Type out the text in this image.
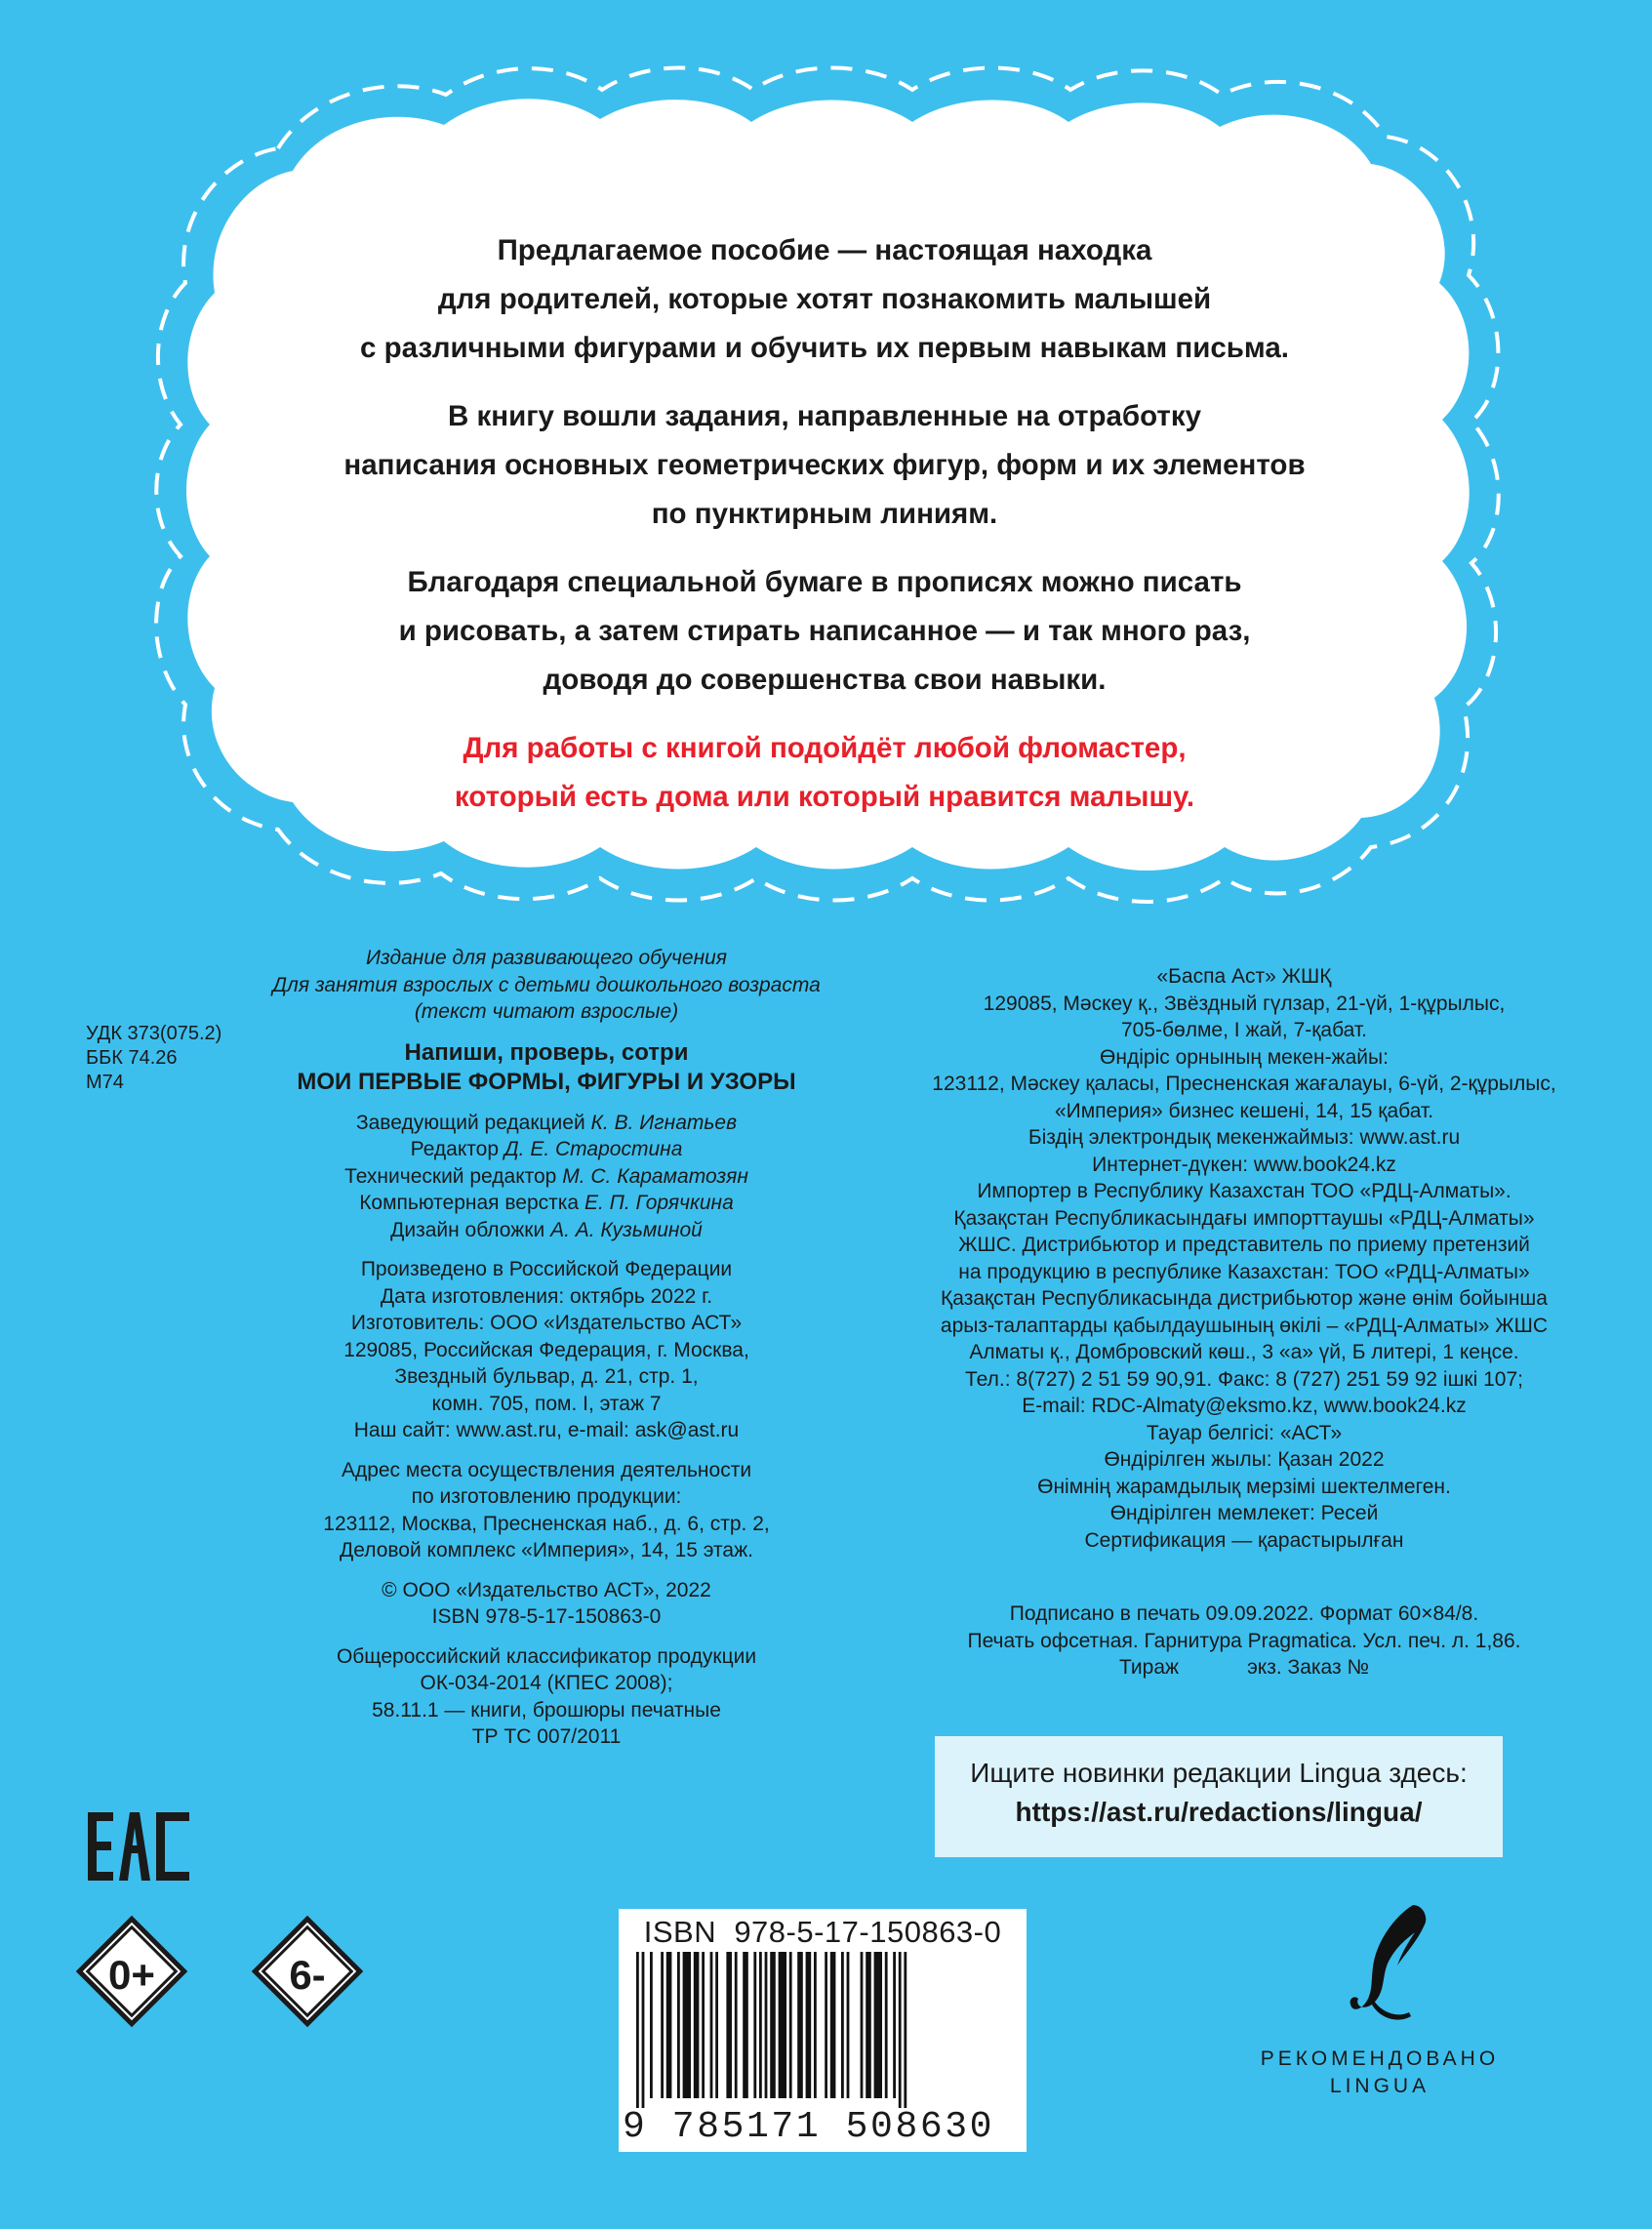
Предлагаемое пособие — настоящая находка
для родителей, которые хотят познакомить малышей
с различными фигурами и обучить их первым навыкам письма.

В книгу вошли задания, направленные на отработку
написания основных геометрических фигур, форм и их элементов
по пунктирным линиям.

Благодаря специальной бумаге в прописях можно писать
и рисовать, а затем стирать написанное — и так много раз,
доводя до совершенства свои навыки.

Для работы с книгой подойдёт любой фломастер,
который есть дома или который нравится малышу.

УДК 373(075.2)
ББК 74.26
М74
Издание для развивающего обучения
Для занятия взрослых с детьми дошкольного возраста
(текст читают взрослые)
Напиши, проверь, сотри
МОИ ПЕРВЫЕ ФОРМЫ, ФИГУРЫ И УЗОРЫ
Заведующий редакцией К. В. Игнатьев
Редактор Д. Е. Старостина
Технический редактор М. С. Караматозян
Компьютерная верстка Е. П. Горячкина
Дизайн обложки А. А. Кузьминой
Произведено в Российской Федерации
Дата изготовления: октябрь 2022 г.
Изготовитель: ООО «Издательство АСТ»
129085, Российская Федерация, г. Москва,
Звездный бульвар, д. 21, стр. 1,
комн. 705, пом. I, этаж 7
Наш сайт: www.ast.ru, e-mail: ask@ast.ru
Адрес места осуществления деятельности
по изготовлению продукции:
123112, Москва, Пресненская наб., д. 6, стр. 2,
Деловой комплекс «Империя», 14, 15 этаж.
© ООО «Издательство АСТ», 2022
ISBN 978-5-17-150863-0
Общероссийский классификатор продукции
ОК-034-2014 (КПЕС 2008);
58.11.1 — книги, брошюры печатные
ТР ТС 007/2011
«Баспа Аст» ЖШҚ
129085, Мәскеу қ., Звёздный гүлзар, 21-үй, 1-құрылыс,
705-бөлме, I жай, 7-қабат.
Өндіріс орнының мекен-жайы:
123112, Мәскеу қаласы, Пресненская жағалауы, 6-үй, 2-құрылыс,
«Империя» бизнес кешені, 14, 15 қабат.
Біздің электрондық мекенжаймыз: www.ast.ru
Интернет-дүкен: www.book24.kz
Импортер в Республику Казахстан ТОО «РДЦ-Алматы».
Қазақстан Республикасындағы импорттаушы «РДЦ-Алматы»
ЖШС. Дистрибьютор и представитель по приему претензий
на продукцию в республике Казахстан: ТОО «РДЦ-Алматы»
Қазақстан Республикасында дистрибьютор және өнім бойынша
арыз-талаптарды қабылдаушының өкілі – «РДЦ-Алматы» ЖШС
Алматы қ., Домбровский көш., 3 «а» үй, Б литері, 1 кеңсе.
Тел.: 8(727) 2 51 59 90,91. Факс: 8 (727) 251 59 92 ішкі 107;
E-mail: RDC-Almaty@eksmo.kz, www.book24.kz
Тауар белгісі: «АСТ»
Өндірілген жылы: Қазан 2022
Өнімнің жарамдылық мерзімі шектелмеген.
Өндірілген мемлекет: Ресей
Сертификация — қарастырылған
Подписано в печать 09.09.2022. Формат 60×84/8.
Печать офсетная. Гарнитура Pragmatica. Усл. печ. л. 1,86.
Тираж            экз. Заказ №
Ищите новинки редакции Lingua здесь:
https://ast.ru/redactions/lingua/
0+	6-
ISBN  978-5-17-150863-0
9 785171 508630
РЕКОМЕНДОВАНО
LINGUA
